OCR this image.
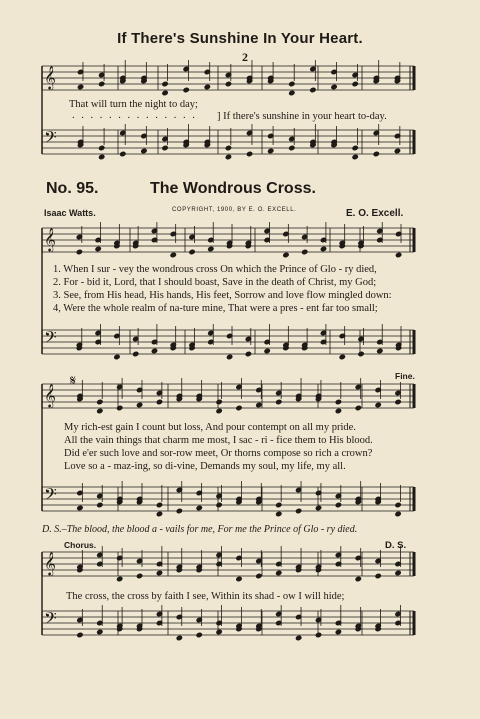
𝄞
𝄢
𝄞
𝄢
𝄞
𝄢
𝄞
𝄢
If There's Sunshine In Your Heart.
2
That will turn the night to day;
] If there's sunshine in your heart to-day.
. . . . . . . . . . . . . .
No. 95.	The Wondrous Cross.
Isaac Watts.	COPYRIGHT, 1900, BY E. O. EXCELL.	E. O. Excell.
1. When I sur - vey the wondrous cross On which the Prince of Glo - ry died,
2. For - bid it, Lord, that I should boast, Save in the death of Christ, my God;
3. See, from His head, His hands, His feet, Sorrow and love flow mingled down:
4, Were the whole realm of na-ture mine, That were a pres - ent far too small;
Fine.
𝄋
My rich-est gain I count but loss, And pour contempt on all my pride.
All the vain things that charm me most, I sac - ri - fice them to His blood.
Did e'er such love and sor-row meet, Or thorns compose so rich a crown?
Love so a - maz-ing, so di-vine, Demands my soul, my life, my all.
D. S.–The blood, the blood a - vails for me, For me the Prince of Glo - ry died.
Chorus.	D. S.
The cross, the cross by faith I see, Within its shad - ow I will hide;
